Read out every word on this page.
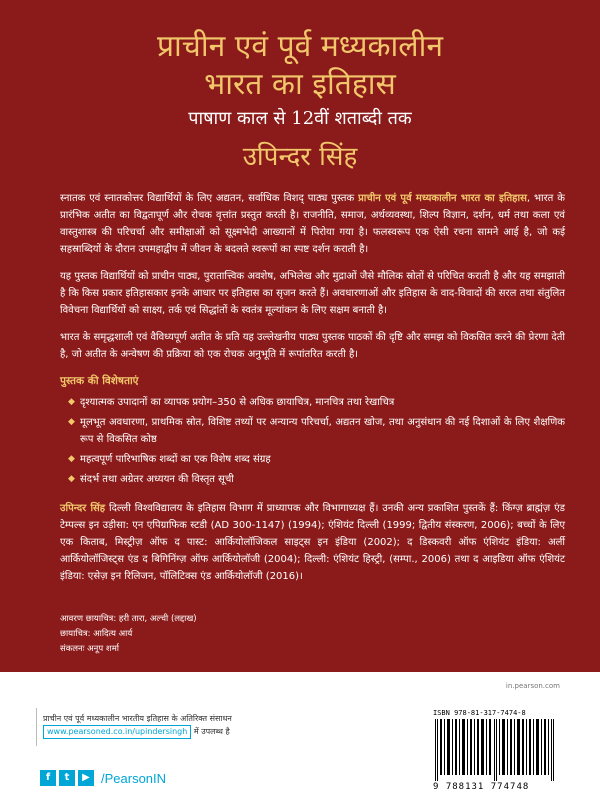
प्राचीन एवं पूर्व मध्यकालीन
भारत का इतिहास
पाषाण काल से 12वीं शताब्दी तक
उपिन्दर सिंह

स्नातक एवं स्नातकोत्तर विद्यार्थियों के लिए अद्यतन, सर्वाधिक विशद् पाठ्य पुस्तक प्राचीन एवं पूर्व मध्यकालीन भारत का इतिहास, भारत के प्रारंभिक अतीत का विद्वतापूर्ण और रोचक वृत्तांत प्रस्तुत करती है। राजनीति, समाज, अर्थव्यवस्था, शिल्प विज्ञान, दर्शन, धर्म तथा कला एवं वास्तुशास्त्र की परिचर्चा और समीक्षाओं को सूक्ष्मभेदी आख्यानों में पिरोया गया है। फलस्वरूप एक ऐसी रचना सामने आई है, जो कई सहस्राब्दियों के दौरान उपमहाद्वीप में जीवन के बदलते स्वरूपों का स्पष्ट दर्शन कराती है।

यह पुस्तक विद्यार्थियों को प्राचीन पाठ्य, पुरातात्त्विक अवशेष, अभिलेख और मुद्राओं जैसे मौलिक स्रोतों से परिचित कराती है और यह समझाती है कि किस प्रकार इतिहासकार इनके आधार पर इतिहास का सृजन करते हैं। अवधारणाओं और इतिहास के वाद-विवादों की सरल तथा संतुलित विवेचना विद्यार्थियों को साक्ष्य, तर्क एवं सिद्धांतों के स्वतंत्र मूल्यांकन के लिए सक्षम बनाती है।

भारत के समृद्धशाली एवं वैविध्यपूर्ण अतीत के प्रति यह उल्लेखनीय पाठ्य पुस्तक पाठकों की दृष्टि और समझ को विकसित करने की प्रेरणा देती है, जो अतीत के अन्वेषण की प्रक्रिया को एक रोचक अनुभूति में रूपांतरित करती है।

पुस्तक की विशेषताएं
◆ दृश्यात्मक उपादानों का व्यापक प्रयोग–350 से अधिक छायाचित्र, मानचित्र तथा रेखाचित्र
◆ मूलभूत अवधारणा, प्राथमिक स्रोत, विशिष्ट तथ्यों पर अन्यान्य परिचर्चा, अद्यतन खोज, तथा अनुसंधान की नई दिशाओं के लिए शैक्षणिक रूप से विकसित कोष्ठ
◆ महत्वपूर्ण पारिभाषिक शब्दों का एक विशेष शब्द संग्रह
◆ संदर्भ तथा अग्रेतर अध्ययन की विस्तृत सूची

उपिन्दर सिंह दिल्ली विश्वविद्यालय के इतिहास विभाग में प्राध्यापक और विभागाध्यक्ष हैं। उनकी अन्य प्रकाशित पुस्तकें हैं: किंग्ज़ ब्राह्मंज़ एंड टेम्पल्स इन उड़ीसा: एन एपिग्राफिक स्टडी (AD 300-1147) (1994); एंशियंट दिल्ली (1999; द्वितीय संस्करण, 2006); बच्चों के लिए एक किताब, मिस्ट्रीज़ ऑफ द पास्ट: आर्कियोलॉजिकल साइट्स इन इंडिया (2002); द डिस्कवरी ऑफ एंशियंट इंडिया: अर्ली आर्कियोलॉजिस्ट्स एंड द बिगिनिंग्ज़ ऑफ आर्कियोलॉजी (2004); दिल्ली: एंशियंट हिस्ट्री, (सम्पा., 2006) तथा द आइडिया ऑफ एंशियंट इंडिया: एसेज़ इन रिलिजन, पॉलिटिक्स एंड आर्कियोलॉजी (2016)।

आवरण छायाचित्र: हरी तारा, अल्ची (लद्दाख)
छायाचित्र: आदित्य आर्य
संकलनः अनूप शर्मा
in.pearson.com
प्राचीन एवं पूर्व मध्यकालीन भारतीय इतिहास के अतिरिक्त संसाधन
www.pearsoned.co.in/upindersingh में उपलब्ध है
f	t	▶ /PearsonIN
ISBN 978-81-317-7474-8
9 788131 774748
